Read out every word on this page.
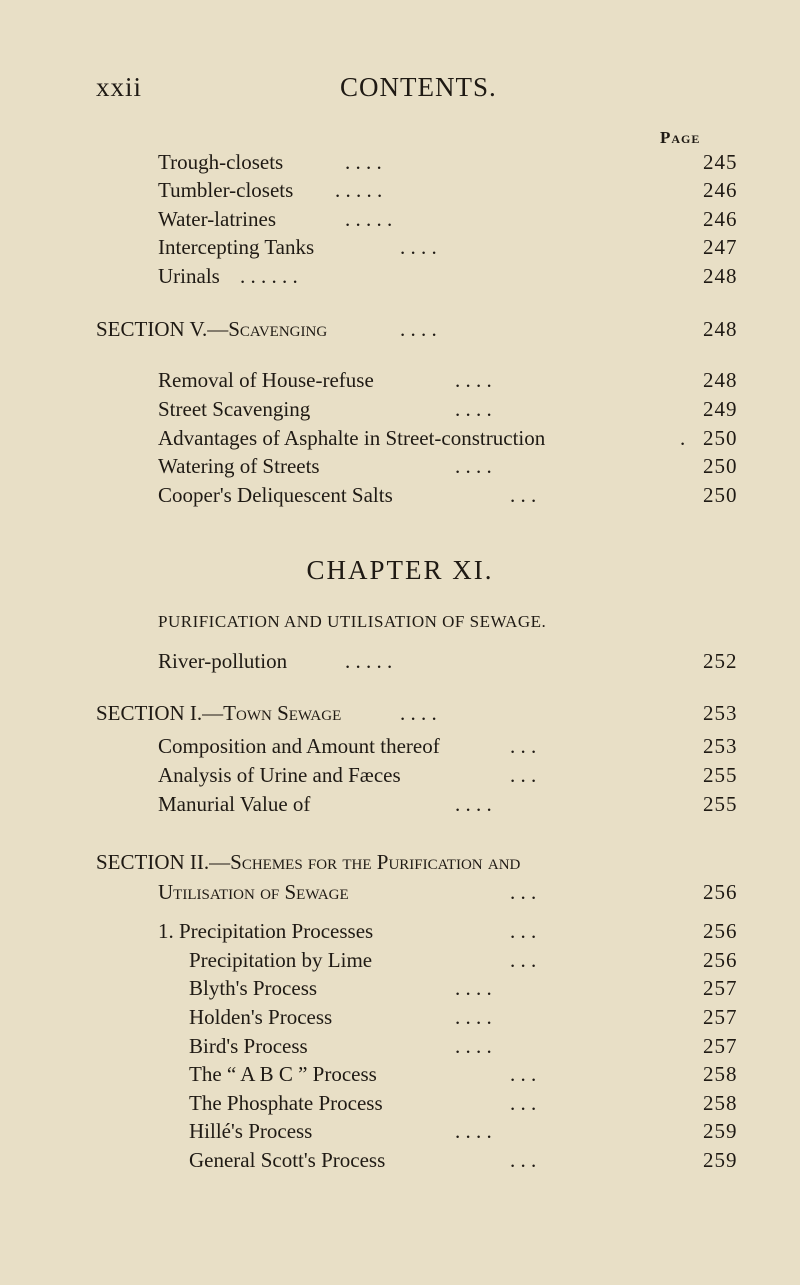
xxii	CONTENTS.
Page
Trough-closets	. . . .	245
Tumbler-closets . . . . .	246
Water-latrines	. . . . .	246
Intercepting Tanks	. . . .	247
Urinals . . . . . .	248
SECTION V.—Scavenging	. . . .	248
Removal of House-refuse	. . . .	248
Street Scavenging	. . . .	249
Advantages of Asphalte in Street-construction	. 250
Watering of Streets	. . . .	250
Cooper's Deliquescent Salts	. . .	250
CHAPTER XI.
PURIFICATION AND UTILISATION OF SEWAGE.
River-pollution	. . . . .	252
SECTION I.—Town Sewage	. . . .	253
Composition and Amount thereof	. . .	253
Analysis of Urine and Fæces	. . .	255
Manurial Value of	. . . .	255
SECTION II.—Schemes for the Purification and
Utilisation of Sewage	. . .	256
1. Precipitation Processes	. . .	256
Precipitation by Lime	. . .	256
Blyth's Process	. . . .	257
Holden's Process	. . . .	257
Bird's Process	. . . .	257
The “ A B C ” Process	. . .	258
The Phosphate Process	. . .	258
Hillé's Process	. . . .	259
General Scott's Process	. . .	259
